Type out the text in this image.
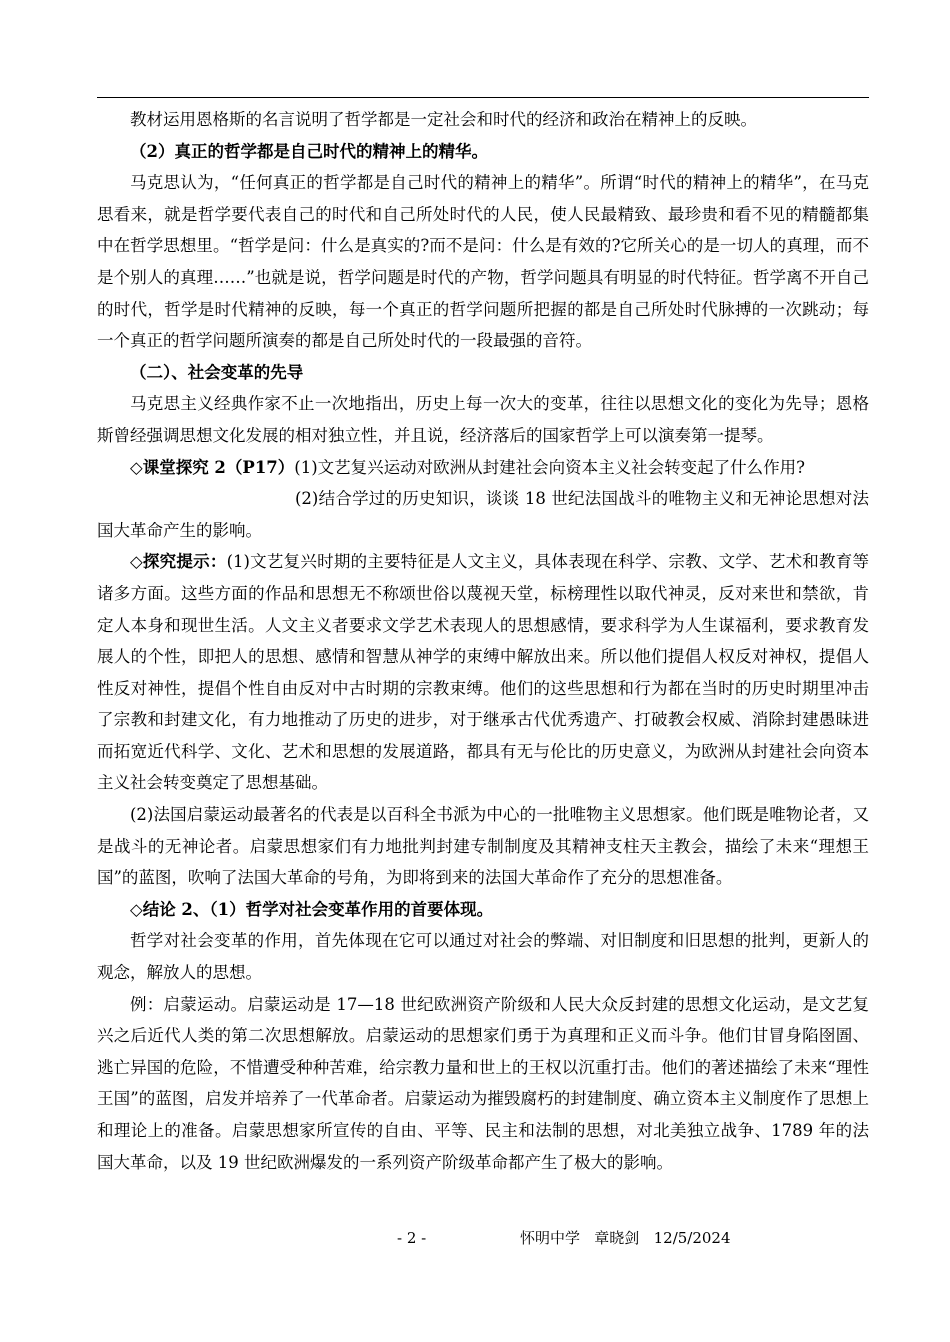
教材运用恩格斯的名言说明了哲学都是一定社会和时代的经济和政治在精神上的反映。

（2）真正的哲学都是自己时代的精神上的精华。

马克思认为，“任何真正的哲学都是自己时代的精神上的精华”。所谓“时代的精神上的精华”，在马克思看来，就是哲学要代表自己的时代和自己所处时代的人民，使人民最精致、最珍贵和看不见的精髓都集中在哲学思想里。“哲学是问：什么是真实的?而不是问：什么是有效的?它所关心的是一切人的真理，而不是个别人的真理……”也就是说，哲学问题是时代的产物，哲学问题具有明显的时代特征。哲学离不开自己的时代，哲学是时代精神的反映，每一个真正的哲学问题所把握的都是自己所处时代脉搏的一次跳动；每一个真正的哲学问题所演奏的都是自己所处时代的一段最强的音符。

（二）、社会变革的先导

马克思主义经典作家不止一次地指出，历史上每一次大的变革，往往以思想文化的变化为先导；恩格斯曾经强调思想文化发展的相对独立性，并且说，经济落后的国家哲学上可以演奏第一提琴。

◇课堂探究 2（P17）(1)文艺复兴运动对欧洲从封建社会向资本主义社会转变起了什么作用?

(2)结合学过的历史知识，谈谈 18 世纪法国战斗的唯物主义和无神论思想对法国大革命产生的影响。

◇探究提示：(1)文艺复兴时期的主要特征是人文主义，具体表现在科学、宗教、文学、艺术和教育等诸多方面。这些方面的作品和思想无不称颂世俗以蔑视天堂，标榜理性以取代神灵，反对来世和禁欲，肯定人本身和现世生活。人文主义者要求文学艺术表现人的思想感情，要求科学为人生谋福利，要求教育发展人的个性，即把人的思想、感情和智慧从神学的束缚中解放出来。所以他们提倡人权反对神权，提倡人性反对神性，提倡个性自由反对中古时期的宗教束缚。他们的这些思想和行为都在当时的历史时期里冲击了宗教和封建文化，有力地推动了历史的进步，对于继承古代优秀遗产、打破教会权威、消除封建愚昧进而拓宽近代科学、文化、艺术和思想的发展道路，都具有无与伦比的历史意义，为欧洲从封建社会向资本主义社会转变奠定了思想基础。

(2)法国启蒙运动最著名的代表是以百科全书派为中心的一批唯物主义思想家。他们既是唯物论者，又是战斗的无神论者。启蒙思想家们有力地批判封建专制制度及其精神支柱天主教会，描绘了未来“理想王国”的蓝图，吹响了法国大革命的号角，为即将到来的法国大革命作了充分的思想准备。

◇结论 2、（1）哲学对社会变革作用的首要体现。

哲学对社会变革的作用，首先体现在它可以通过对社会的弊端、对旧制度和旧思想的批判，更新人的观念，解放人的思想。

例：启蒙运动。启蒙运动是 17—18 世纪欧洲资产阶级和人民大众反封建的思想文化运动，是文艺复兴之后近代人类的第二次思想解放。启蒙运动的思想家们勇于为真理和正义而斗争。他们甘冒身陷囹圄、逃亡异国的危险，不惜遭受种种苦难，给宗教力量和世上的王权以沉重打击。他们的著述描绘了未来“理性王国”的蓝图，启发并培养了一代革命者。启蒙运动为摧毁腐朽的封建制度、确立资本主义制度作了思想上和理论上的准备。启蒙思想家所宣传的自由、平等、民主和法制的思想，对北美独立战争、1789 年的法国大革命，以及 19 世纪欧洲爆发的一系列资产阶级革命都产生了极大的影响。

- 2 -	怀明中学   章晓剑   12/5/2024
